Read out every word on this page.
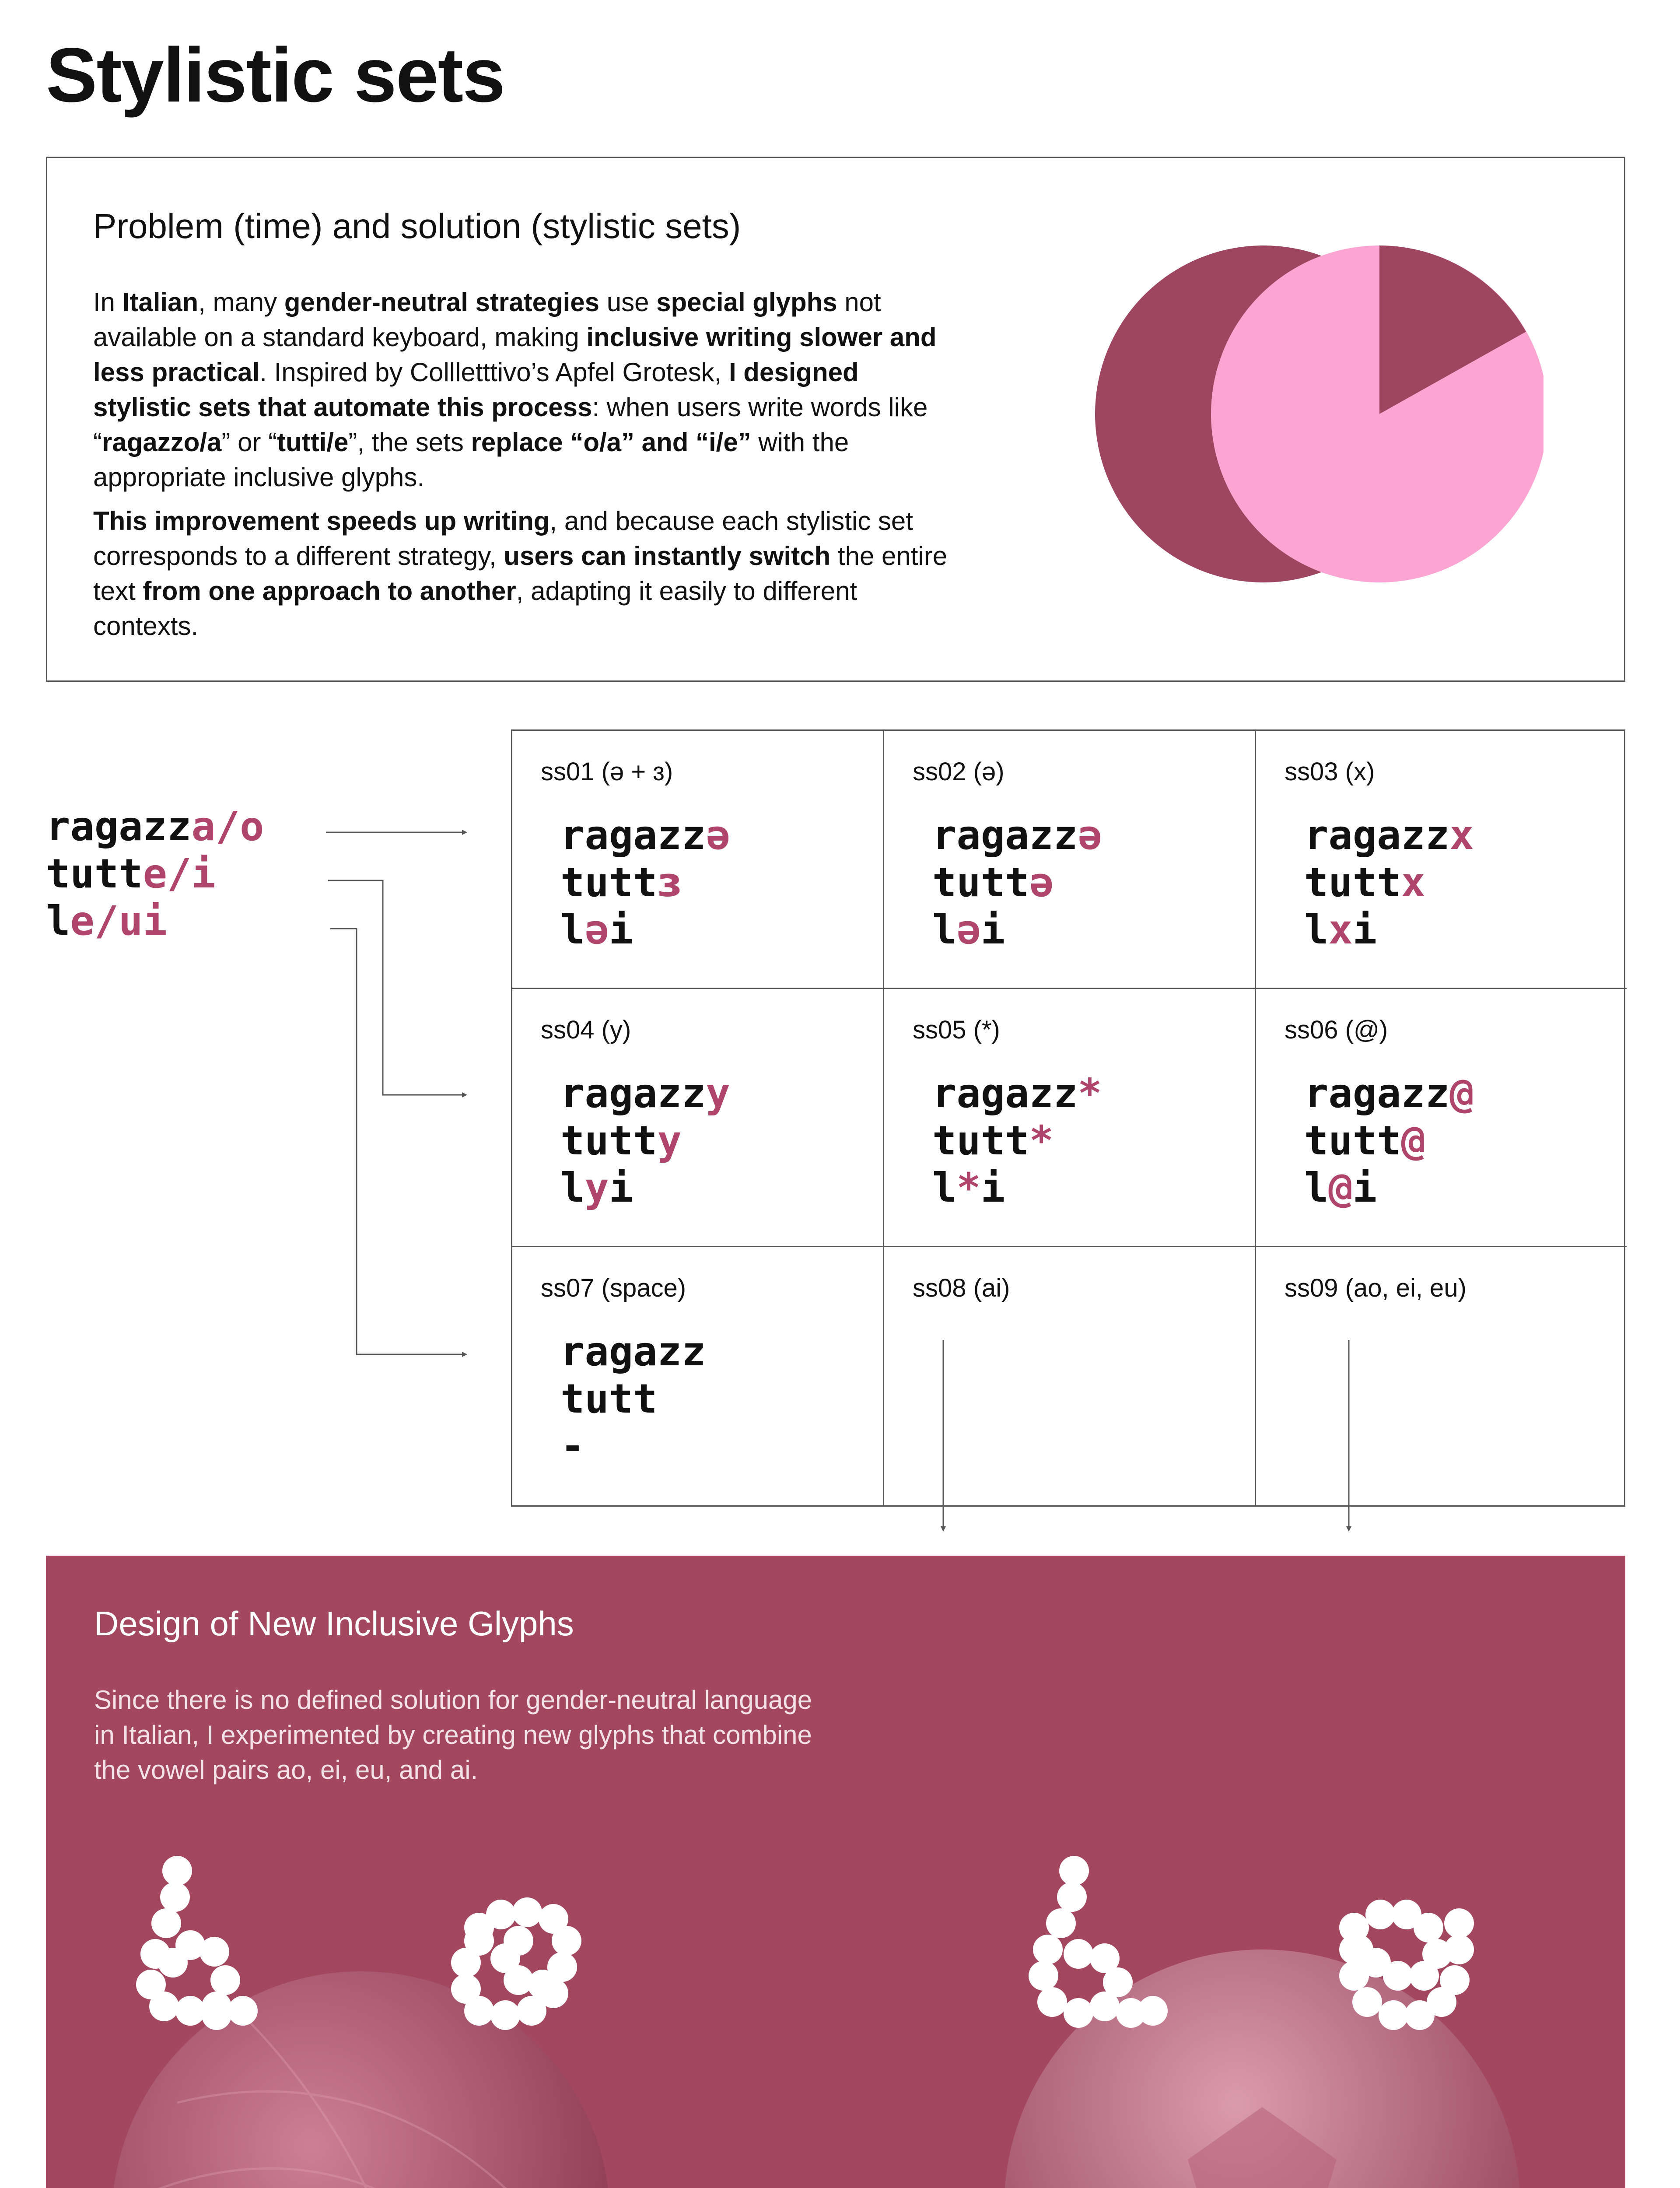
Stylistic sets
Problem (time) and solution (stylistic sets)

In Italian, many gender-neutral strategies use special glyphs not available on a standard keyboard, making inclusive writing slower and less practical. Inspired by Collletttivo’s Apfel Grotesk, I designed stylistic sets that automate this process: when users write words like “ragazzo/a” or “tutti/e”, the sets replace “o/a” and “i/e” with the appropriate inclusive glyphs.

This improvement speeds up writing, and because each stylistic set corresponds to a different strategy, users can instantly switch the entire text from one approach to another, adapting it easily to different contexts.

ragazza/o
tutte/i
le/ui
ss01 (ə + ɜ)
ragazzə
tuttɜ
ləi
ss02 (ə)
ragazzə
tuttə
ləi
ss03 (x)
ragazzx
tuttx
lxi
ss04 (y)
ragazzy
tutty
lyi
ss05 (*)
ragazz*
tutt*
l*i
ss06 (@)
ragazz@
tutt@
l@i
ss07 (space)
ragazz
tutt
-
ss08 (ai)	ss09 (ao, ei, eu)
Design of New Inclusive Glyphs

Since there is no defined solution for gender-neutral language in Italian, I experimented by creating new glyphs that combine the vowel pairs ao, ei, eu, and ai.
